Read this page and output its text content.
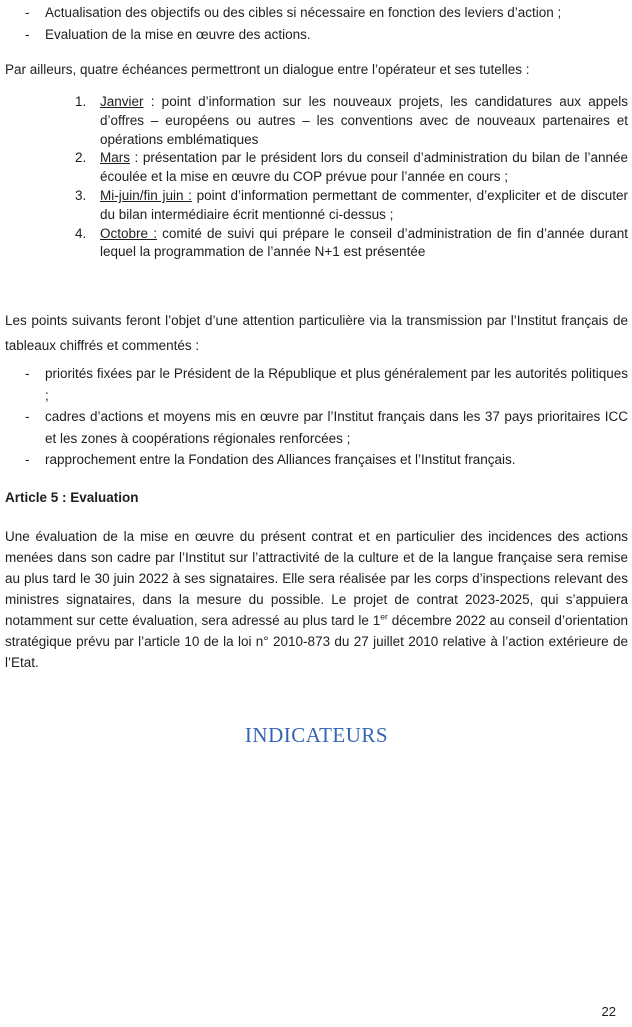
- Actualisation des objectifs ou des cibles si nécessaire en fonction des leviers d’action ;
- Evaluation de la mise en œuvre des actions.

Par ailleurs, quatre échéances permettront un dialogue entre l’opérateur et ses tutelles :

1. Janvier : point d’information sur les nouveaux projets, les candidatures aux appels d’offres – européens ou autres – les conventions avec de nouveaux partenaires et opérations emblématiques
2. Mars : présentation par le président lors du conseil d’administration du bilan de l’année écoulée et la mise en œuvre du COP prévue pour l’année en cours ;
3. Mi-juin/fin juin : point d’information permettant de commenter, d’expliciter et de discuter du bilan intermédiaire écrit mentionné ci-dessus ;
4. Octobre : comité de suivi qui prépare le conseil d’administration de fin d’année durant lequel la programmation de l’année N+1 est présentée

Les points suivants feront l’objet d’une attention particulière via la transmission par l’Institut français de tableaux chiffrés et commentés :

- priorités fixées par le Président de la République et plus généralement par les autorités politiques ;
- cadres d’actions et moyens mis en œuvre par l’Institut français dans les 37 pays prioritaires ICC et les zones à coopérations régionales renforcées ;
- rapprochement entre la Fondation des Alliances françaises et l’Institut français.

Article 5 : Evaluation

Une évaluation de la mise en œuvre du présent contrat et en particulier des incidences des actions menées dans son cadre par l’Institut sur l’attractivité de la culture et de la langue française sera remise au plus tard le 30 juin 2022 à ses signataires. Elle sera réalisée par les corps d’inspections relevant des ministres signataires, dans la mesure du possible. Le projet de contrat 2023-2025, qui s’appuiera notamment sur cette évaluation, sera adressé au plus tard le 1er décembre 2022 au conseil d’orientation stratégique prévu par l’article 10 de la loi n° 2010-873 du 27 juillet 2010 relative à l’action extérieure de l’Etat.

INDICATEURS

22
